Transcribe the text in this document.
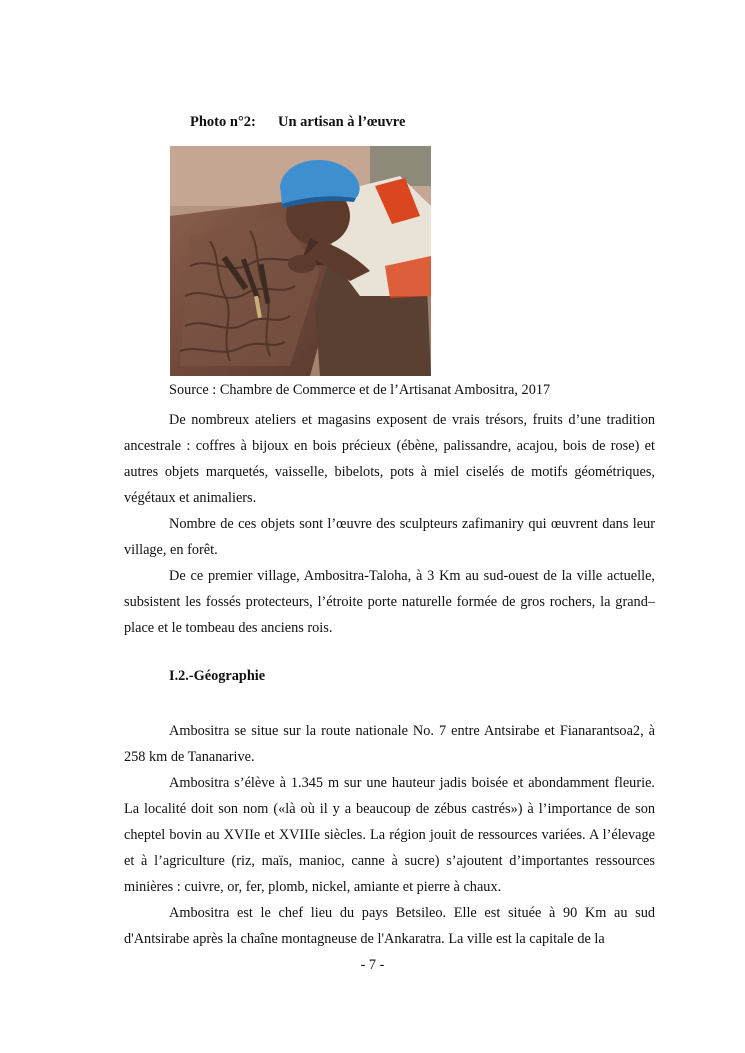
Photo n°2: Un artisan à l’œuvre
Source : Chambre de Commerce et de l’Artisanat Ambositra, 2017

De nombreux ateliers et magasins exposent de vrais trésors, fruits d’une tradition ancestrale : coffres à bijoux en bois précieux (ébène, palissandre, acajou, bois de rose) et autres objets marquetés, vaisselle, bibelots, pots à miel ciselés de motifs géométriques, végétaux et animaliers.

Nombre de ces objets sont l’œuvre des sculpteurs zafimaniry qui œuvrent dans leur village, en forêt.

De ce premier village, Ambositra-Taloha, à 3 Km au sud-ouest de la ville actuelle, subsistent les fossés protecteurs, l’étroite porte naturelle formée de gros rochers, la grand–place et le tombeau des anciens rois.

I.2.-Géographie

Ambositra se situe sur la route nationale No. 7 entre Antsirabe et Fianarantsoa2, à 258 km de Tananarive.

Ambositra s’élève à 1.345 m sur une hauteur jadis boisée et abondamment fleurie. La localité doit son nom («là où il y a beaucoup de zébus castrés») à l’importance de son cheptel bovin au XVIIe et XVIIIe siècles. La région jouit de ressources variées. A l’élevage et à l’agriculture (riz, maïs, manioc, canne à sucre) s’ajoutent d’importantes ressources minières : cuivre, or, fer, plomb, nickel, amiante et pierre à chaux.

Ambositra est le chef lieu du pays Betsileo. Elle est située à 90 Km au sud d'Antsirabe après la chaîne montagneuse de l'Ankaratra. La ville est la capitale de la

- 7 -
